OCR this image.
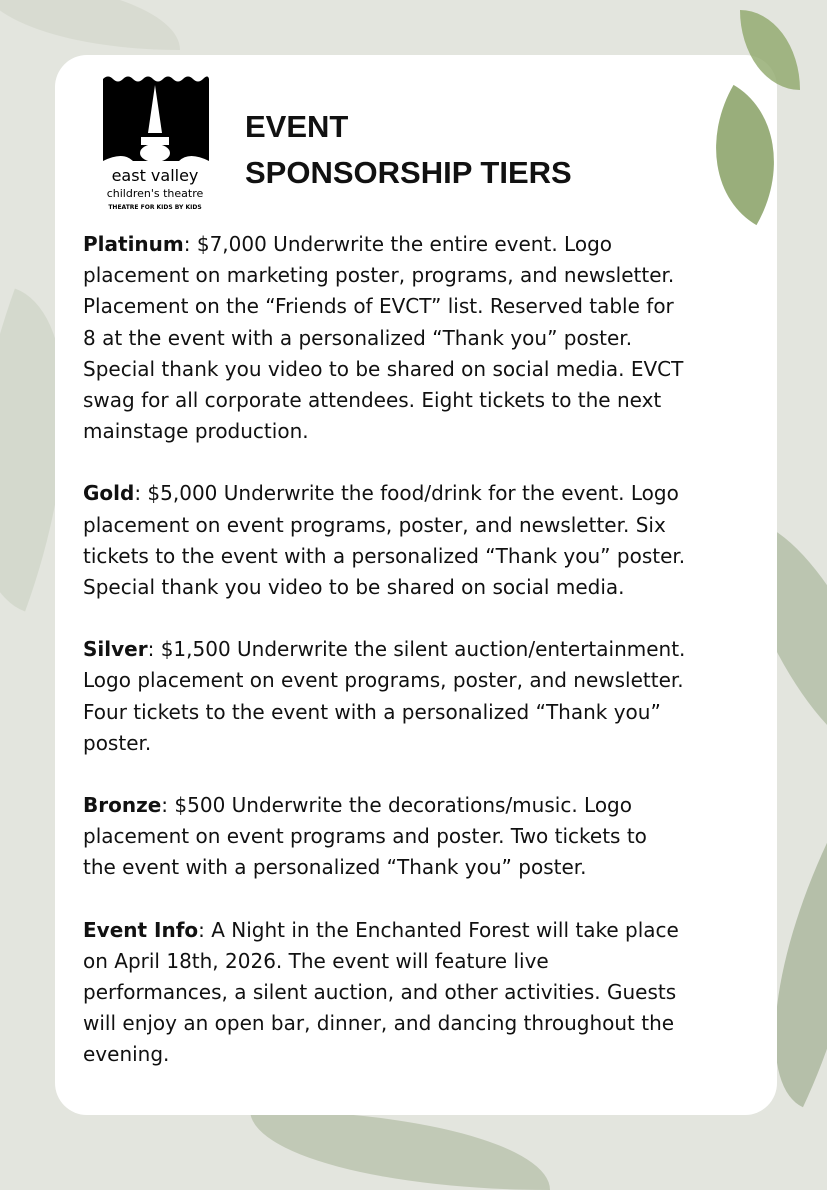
east valley
children's theatre
THEATRE FOR KIDS BY KIDS
EVENT
SPONSORSHIP TIERS
Platinum: $7,000 Underwrite the entire event. Logo
placement on marketing poster, programs, and newsletter.
Placement on the “Friends of EVCT” list. Reserved table for
8 at the event with a personalized “Thank you” poster.
Special thank you video to be shared on social media. EVCT
swag for all corporate attendees. Eight tickets to the next
mainstage production.
Gold: $5,000 Underwrite the food/drink for the event. Logo
placement on event programs, poster, and newsletter. Six
tickets to the event with a personalized “Thank you” poster.
Special thank you video to be shared on social media.
Silver: $1,500 Underwrite the silent auction/entertainment.
Logo placement on event programs, poster, and newsletter.
Four tickets to the event with a personalized “Thank you”
poster.
Bronze: $500 Underwrite the decorations/music. Logo
placement on event programs and poster. Two tickets to
the event with a personalized “Thank you” poster.
Event Info: A Night in the Enchanted Forest will take place
on April 18th, 2026. The event will feature live
performances, a silent auction, and other activities. Guests
will enjoy an open bar, dinner, and dancing throughout the
evening.
